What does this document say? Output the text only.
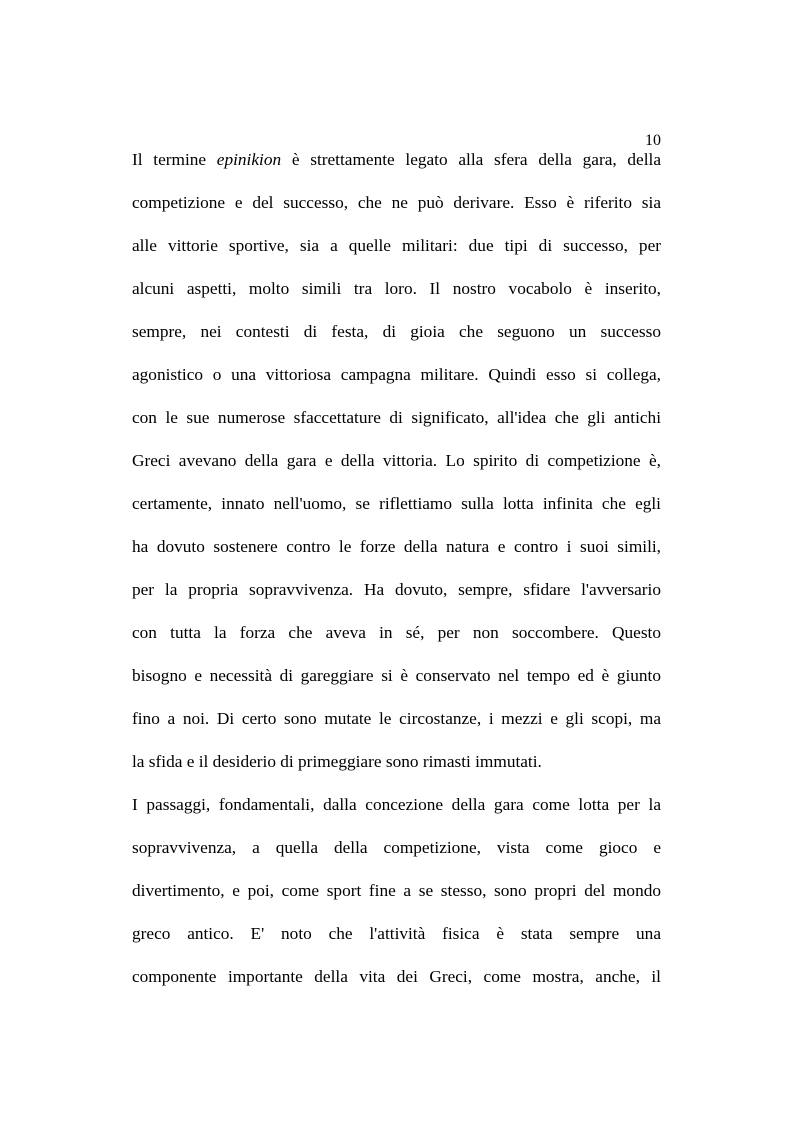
10
Il termine epinikion è strettamente legato alla sfera della gara, della
competizione e del successo, che ne può derivare. Esso è riferito sia
alle vittorie sportive, sia a quelle militari: due tipi di successo, per
alcuni aspetti, molto simili tra loro. Il nostro vocabolo è inserito,
sempre, nei contesti di festa, di gioia che seguono un successo
agonistico o una vittoriosa campagna militare. Quindi esso si collega,
con le sue numerose sfaccettature di significato, all'idea che gli antichi
Greci avevano della gara e della vittoria. Lo spirito di competizione è,
certamente, innato nell'uomo, se riflettiamo sulla lotta infinita che egli
ha dovuto sostenere contro le forze della natura e contro i suoi simili,
per la propria sopravvivenza. Ha dovuto, sempre, sfidare l'avversario
con tutta la forza che aveva in sé, per non soccombere. Questo
bisogno e necessità di gareggiare si è conservato nel tempo ed è giunto
fino a noi. Di certo sono mutate le circostanze, i mezzi e gli scopi, ma
la sfida e il desiderio di primeggiare sono rimasti immutati.
I passaggi, fondamentali, dalla concezione della gara come lotta per la
sopravvivenza, a quella della competizione, vista come gioco e
divertimento, e poi, come sport fine a se stesso, sono propri del mondo
greco antico. E' noto che l'attività fisica è stata sempre una
componente importante della vita dei Greci, come mostra, anche, il
